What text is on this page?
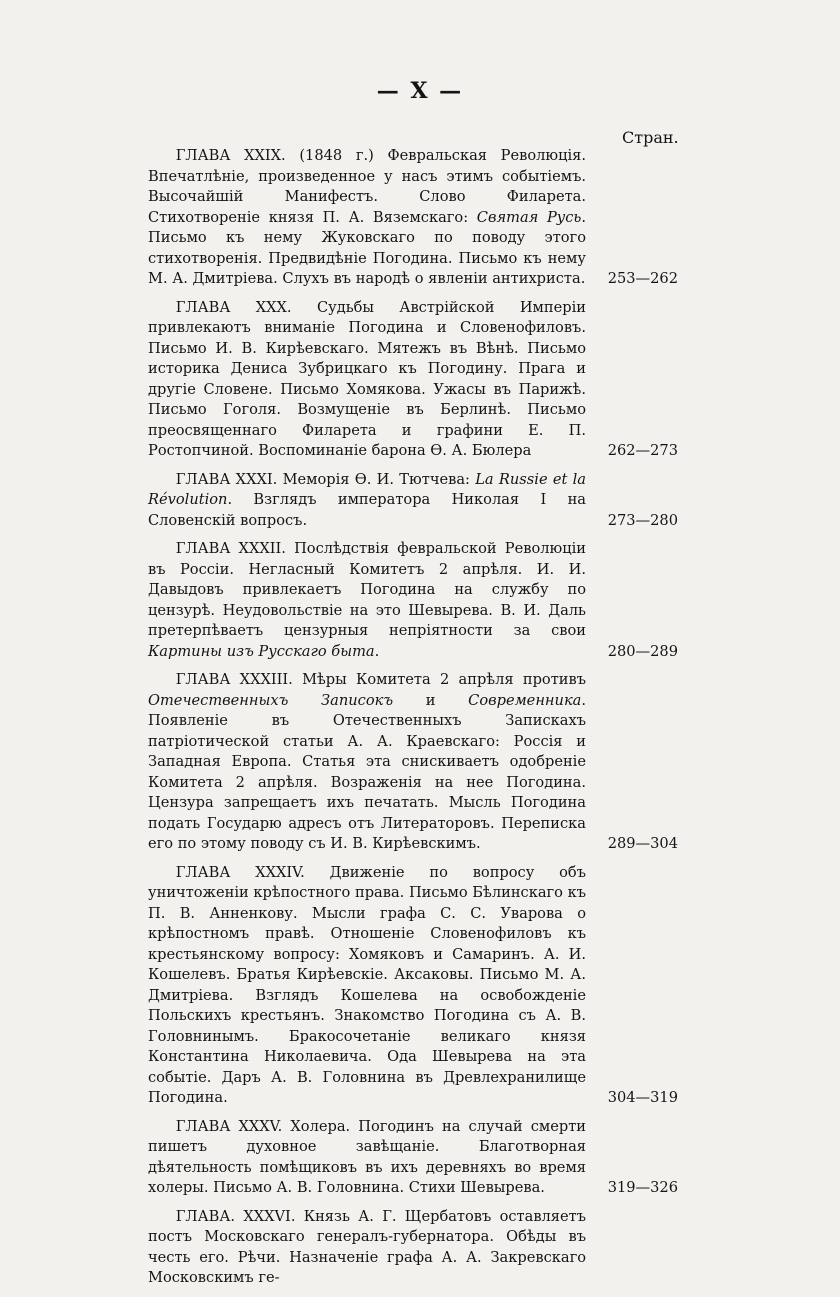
— X —
Стран.
ГЛАВА XXIX. (1848 г.) Февральская Революція. Впечатлѣніе, произведенное у насъ этимъ событіемъ. Высочайшій Манифестъ. Слово Филарета. Стихотвореніе князя П. А. Вяземскаго: Святая Русь. Письмо къ нему Жуковскаго по поводу этого стихотворенія. Предвидѣніе Погодина. Письмо къ нему М. А. Дмитріева. Слухъ въ народѣ о явленіи антихриста.	253—262
ГЛАВА XXX. Судьбы Австрійской Имперіи привлекаютъ вниманіе Погодина и Словенофиловъ. Письмо И. В. Кирѣевскаго. Мятежъ въ Вѣнѣ. Письмо историка Дениса Зубрицкаго къ Погодину. Прага и другіе Словене. Письмо Хомякова. Ужасы въ Парижѣ. Письмо Гоголя. Возмущеніе въ Берлинѣ. Письмо преосвященнаго Филарета и графини Е. П. Ростопчиной. Воспоминаніе барона Ѳ. А. Бюлера	262—273
ГЛАВА XXXI. Меморія Ѳ. И. Тютчева: La Russie et la Révolution. Взглядъ императора Николая I на Словенскій вопросъ.	273—280
ГЛАВА XXXII. Послѣдствія февральской Революціи въ Россіи. Негласный Комитетъ 2 апрѣля. И. И. Давыдовъ привлекаетъ Погодина на службу по цензурѣ. Неудовольствіе на это Шевырева. В. И. Даль претерпѣваетъ цензурныя непріятности за свои Картины изъ Русскаго быта.	280—289
ГЛАВА XXXIII. Мѣры Комитета 2 апрѣля противъ Отечественныхъ Записокъ и Современника. Появленіе въ Отечественныхъ Запискахъ патріотической статьи А. А. Краевскаго: Россія и Западная Европа. Статья эта снискиваетъ одобреніе Комитета 2 апрѣля. Возраженія на нее Погодина. Цензура запрещаетъ ихъ печатать. Мысль Погодина подать Государю адресъ отъ Литераторовъ. Переписка его по этому поводу съ И. В. Кирѣевскимъ.	289—304
ГЛАВА XXXIV. Движеніе по вопросу объ уничтоженіи крѣпостного права. Письмо Бѣлинскаго къ П. В. Анненкову. Мысли графа С. С. Уварова о крѣпостномъ правѣ. Отношеніе Словенофиловъ къ крестьянскому вопросу: Хомяковъ и Самаринъ. А. И. Кошелевъ. Братья Кирѣевскіе. Аксаковы. Письмо М. А. Дмитріева. Взглядъ Кошелева на освобожденіе Польскихъ крестьянъ. Знакомство Погодина съ А. В. Головнинымъ. Бракосочетаніе великаго князя Константина Николаевича. Ода Шевырева на эта событіе. Даръ А. В. Головнина въ Древлехранилище Погодина.	304—319
ГЛАВА XXXV. Холера. Погодинъ на случай смерти пишетъ духовное завѣщаніе. Благотворная дѣятельность помѣщиковъ въ ихъ деревняхъ во время холеры. Письмо А. В. Головнина. Стихи Шевырева.	319—326
ГЛАВА. XXXVI. Князь А. Г. Щербатовъ оставляетъ постъ Московскаго генералъ-губернатора. Обѣды въ честь его. Рѣчи. Назначеніе графа А. А. Закревскаго Московскимъ ге-
